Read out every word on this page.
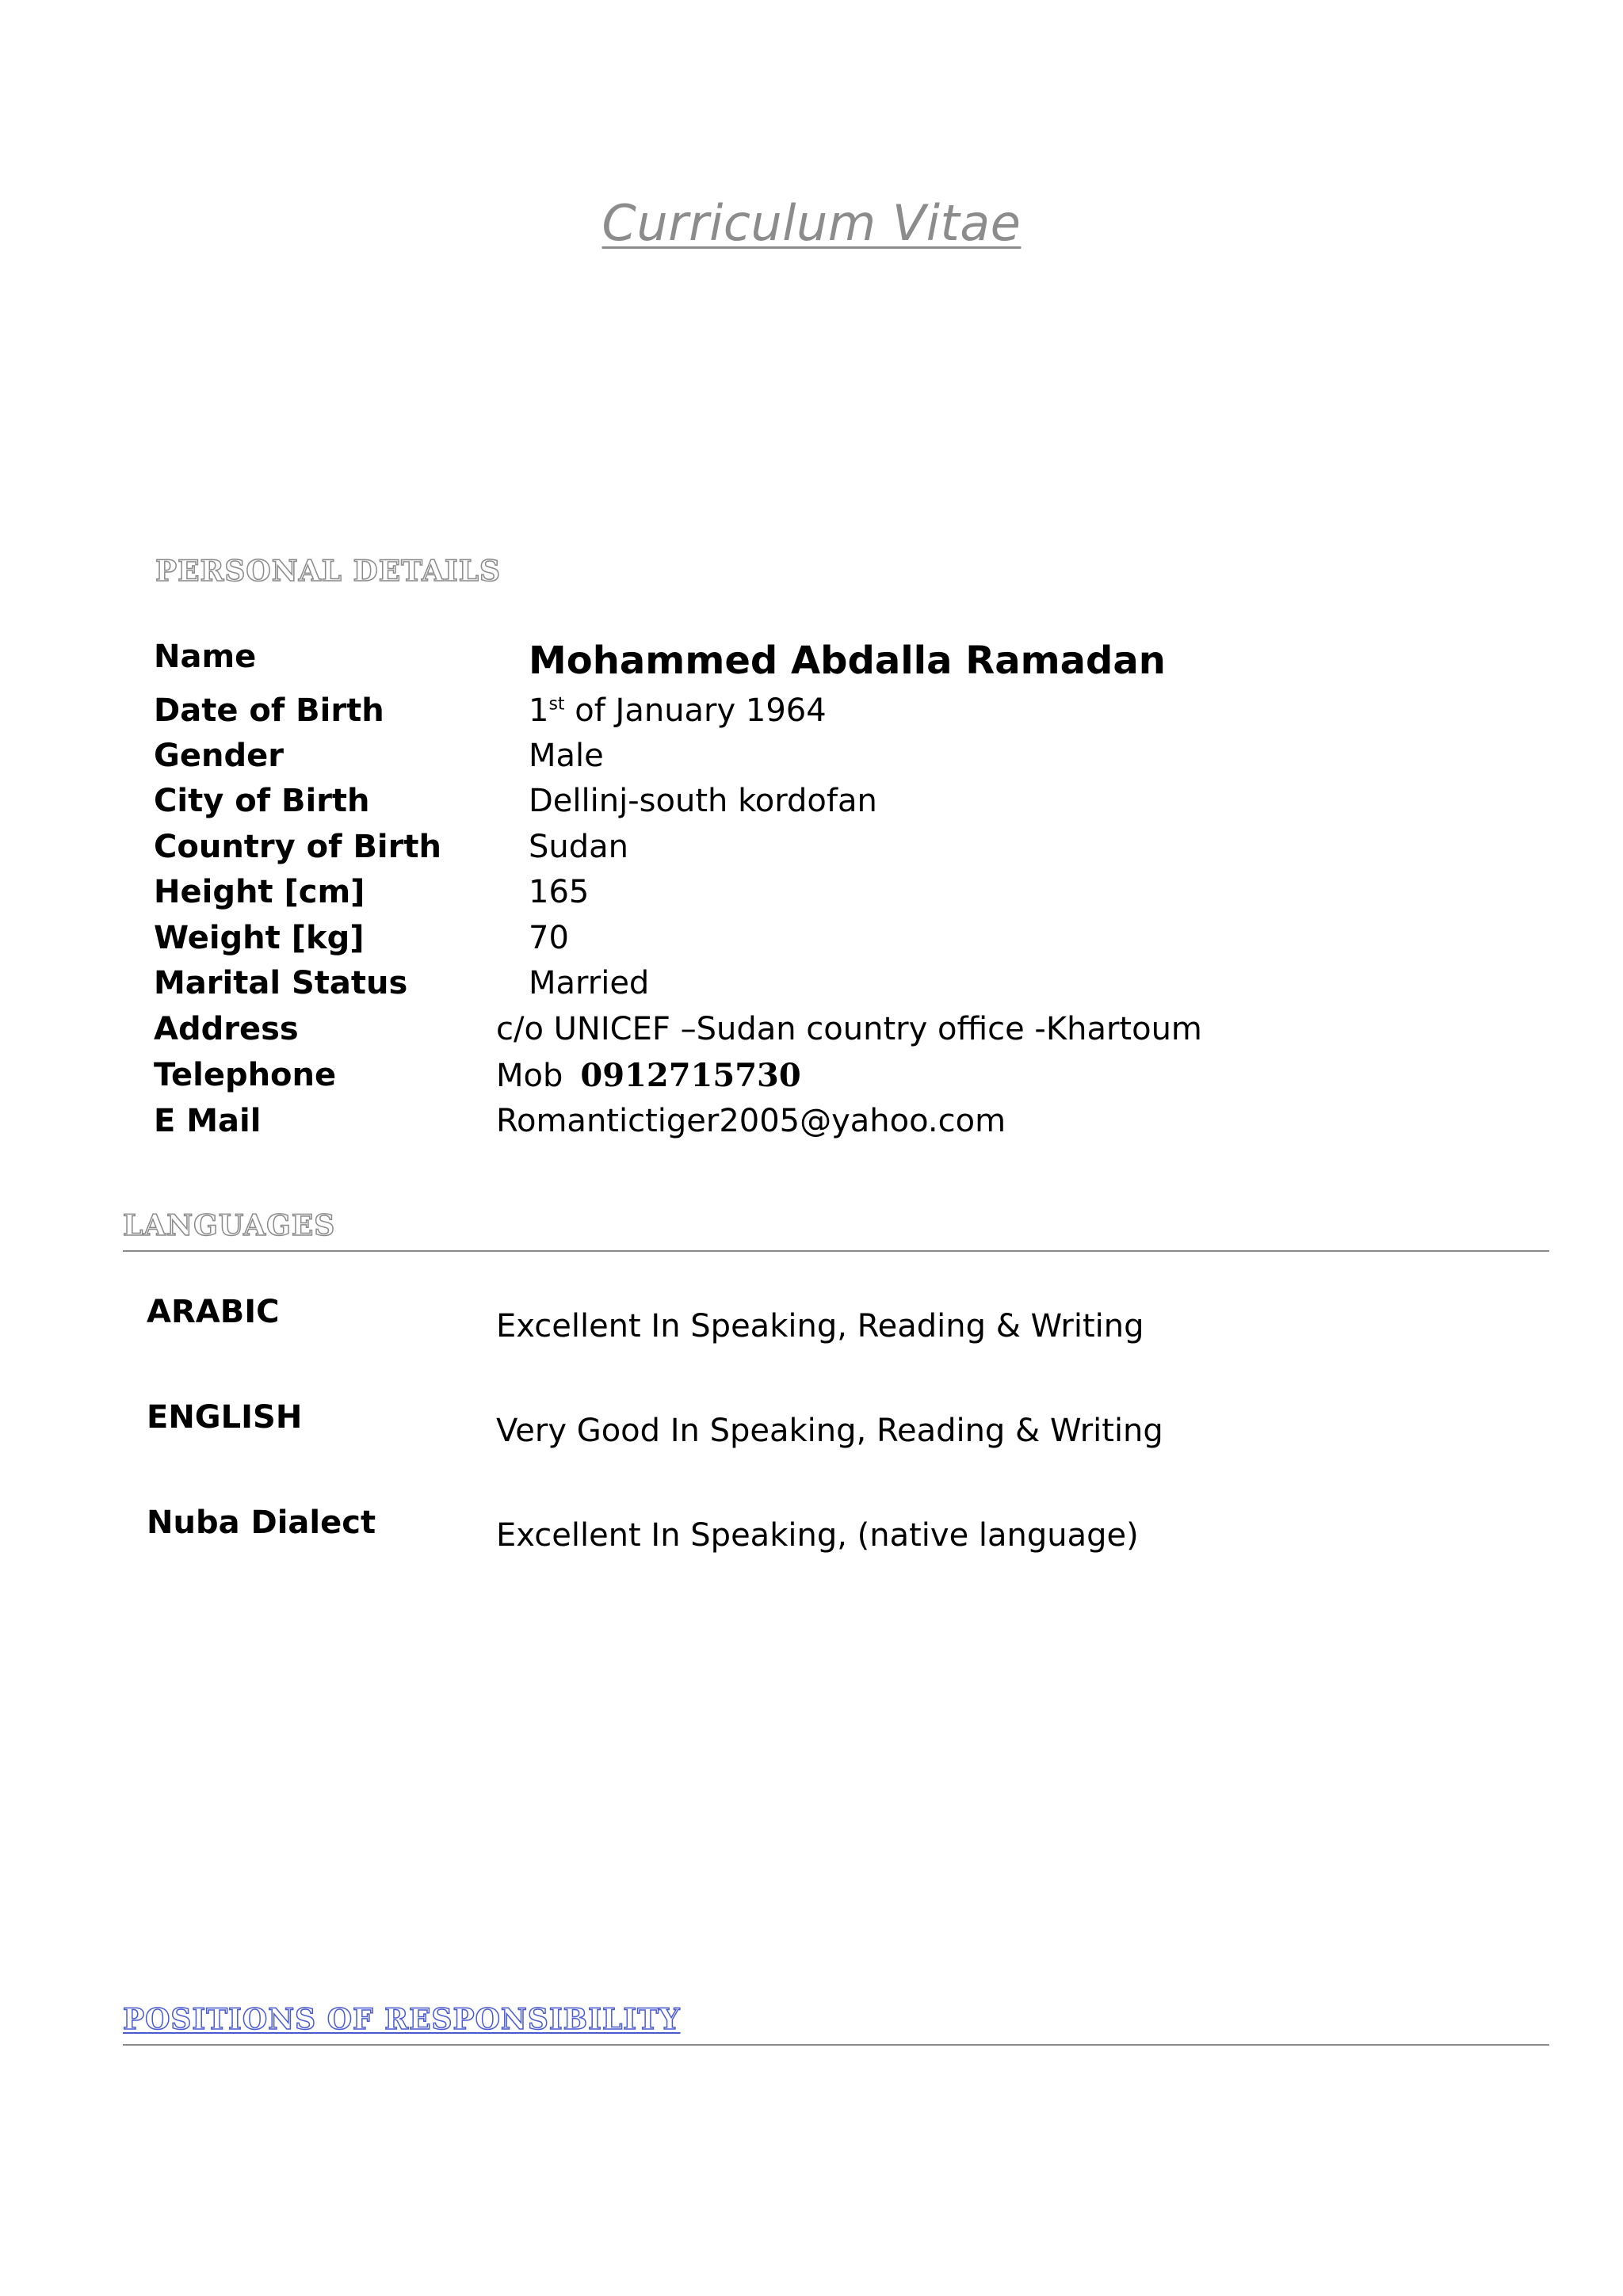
Curriculum Vitae
PERSONAL DETAILS
Name	Mohammed Abdalla Ramadan
Date of Birth	1st of January 1964
Gender	Male
City of Birth	Dellinj-south kordofan
Country of Birth	Sudan
Height [cm]	165
Weight [kg]	70
Marital Status	Married
Address	c/o UNICEF –Sudan country office -Khartoum
Telephone	Mob 0912715730
E Mail	Romantictiger2005@yahoo.com
LANGUAGES
ARABIC	Excellent In Speaking, Reading & Writing
ENGLISH	Very Good In Speaking, Reading & Writing
Nuba Dialect	Excellent In Speaking, (native language)
POSITIONS OF RESPONSIBILITY
